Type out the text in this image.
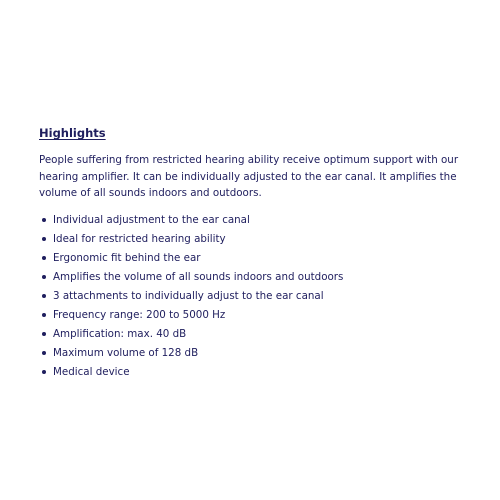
Highlights

People suffering from restricted hearing ability receive optimum support with our hearing amplifier. It can be individually adjusted to the ear canal. It amplifies the volume of all sounds indoors and outdoors.

Individual adjustment to the ear canal
Ideal for restricted hearing ability
Ergonomic fit behind the ear
Amplifies the volume of all sounds indoors and outdoors
3 attachments to individually adjust to the ear canal
Frequency range: 200 to 5000 Hz
Amplification: max. 40 dB
Maximum volume of 128 dB
Medical device
